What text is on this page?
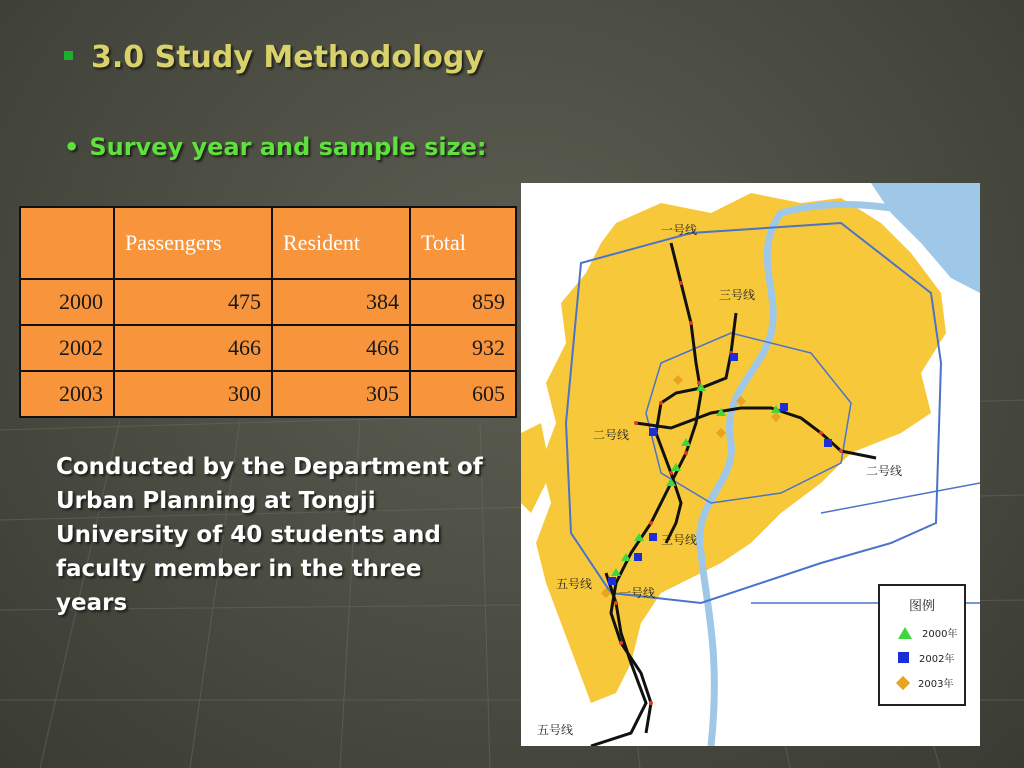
3.0 Study Methodology
• Survey year and sample size:
	Passengers	Resident	Total
2000	475	384	859
2002	466	466	932
2003	300	305	605
Conducted by the Department of Urban Planning at Tongji University of 40 students and faculty member in the three years
一号线
三号线
二号线
二号线
三号线
五号线
一号线
五号线
图例
2000年
2002年
2003年
